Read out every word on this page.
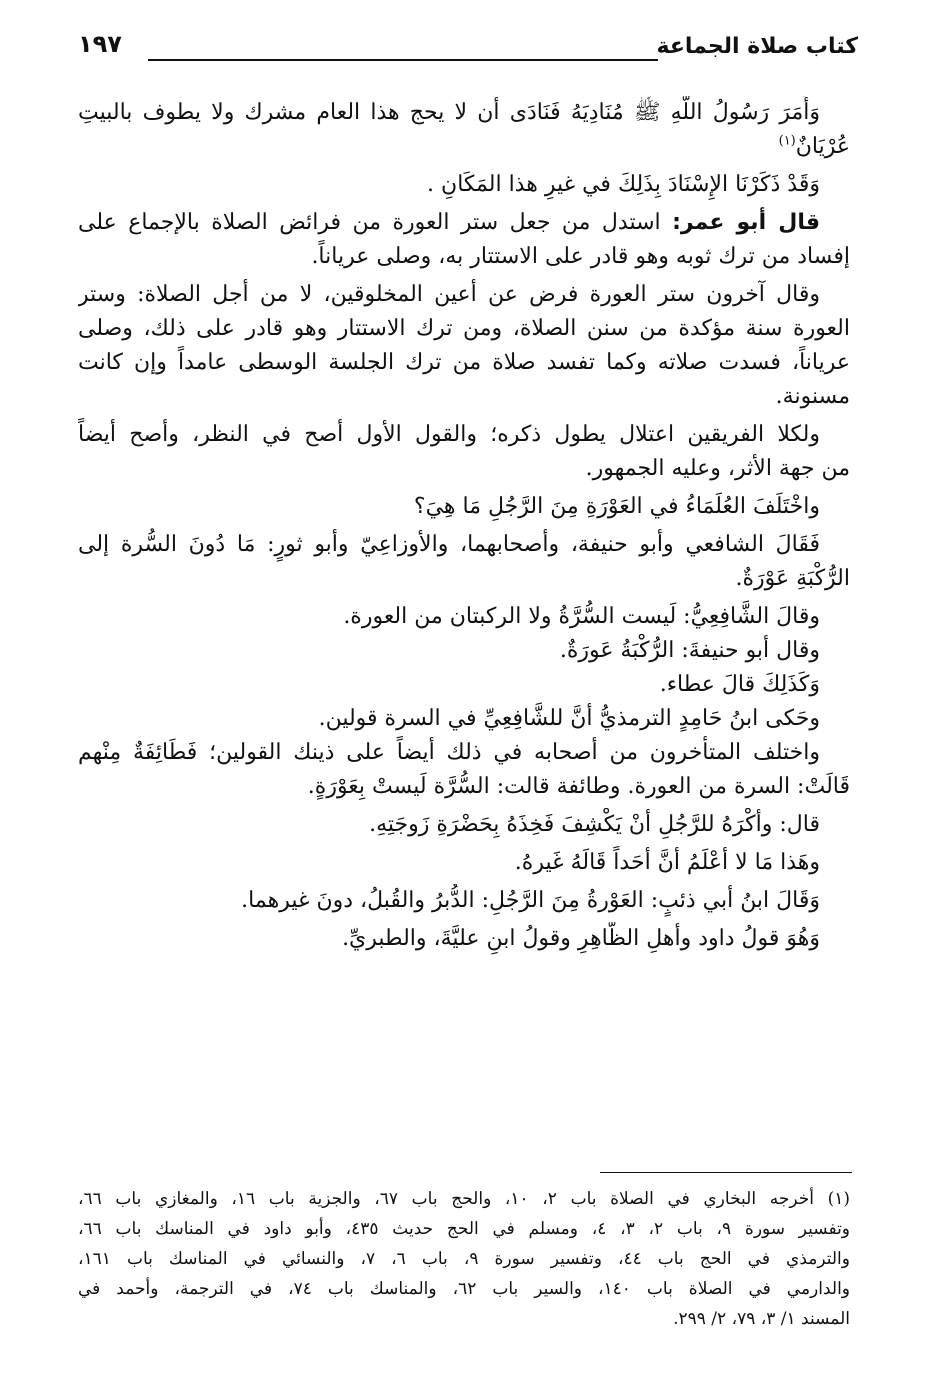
كتاب صلاة الجماعة
١٩٧
وَأَمَرَ رَسُولُ اللَّهِ ﷺ مُنَادِيَهُ فَنَادَى أن لا يحج هذا العام مشرك ولا يطوف بالبيتِ
عُرْيَانٌ$^{(١)}$
وَقَدْ ذَكَرْنَا الإِسْنَادَ بِذَلِكَ في غيرِ هذا المَكَانِ .
قال أبو عمر: استدل من جعل ستر العورة من فرائض الصلاة بالإجماع على
إفساد من ترك ثوبه وهو قادر على الاستتار به، وصلى عرياناً.
وقال آخرون ستر العورة فرض عن أعين المخلوقين، لا من أجل الصلاة: وستر
العورة سنة مؤكدة من سنن الصلاة، ومن ترك الاستتار وهو قادر على ذلك، وصلى
عرياناً، فسدت صلاته وكما تفسد صلاة من ترك الجلسة الوسطى عامداً وإن كانت
مسنونة.
ولكلا الفريقين اعتلال يطول ذكره؛ والقول الأول أصح في النظر، وأصح أيضاً
من جهة الأثر، وعليه الجمهور.
واخْتَلَفَ العُلَمَاءُ في العَوْرَةِ مِنَ الرَّجُلِ مَا هِيَ؟
فَقَالَ الشافعي وأبو حنيفة، وأصحابهما، والأوزاعِيّ وأبو ثورٍ: مَا دُونَ السُّرة إلى
الرُّكْبَةِ عَوْرَةٌ.
وقالَ الشَّافِعِيُّ: لَيست السُّرَّةُ ولا الركبتان من العورة.
وقال أبو حنيفةَ: الرُّكْبَةُ عَورَةٌ.
وَكَذَلِكَ قالَ عطاء.
وحَكى ابنُ حَامِدٍ الترمذيُّ أنَّ للشَّافِعِيِّ في السرة قولين.
واختلف المتأخرون من أصحابه في ذلك أيضاً على ذينك القولين؛ فَطَائِفَةٌ مِنْهم
قَالَتْ: السرة من العورة. وطائفة قالت: السُّرَّة لَيستْ بِعَوْرَةٍ.
قال: وأكْرَهُ للرَّجُلِ أنْ يَكْشِفَ فَخِذَهُ بِحَضْرَةِ زَوجَتِهِ.
وهَذا مَا لا أعْلَمُ أنَّ أحَداً قَالَهُ غَيرهُ.
وَقَالَ ابنُ أبي ذئبٍ: العَوْرةُ مِنَ الرَّجُلِ: الدُّبرُ والقُبلُ، دونَ غيرهما.
وَهُوَ قولُ داود وأهلِ الظَّاهِرِ وقولُ ابنِ عليَّةَ، والطبريِّ.
(١) أخرجه البخاري في الصلاة باب ٢، ١٠، والحج باب ٦٧، والجزية باب ١٦، والمغازي باب ٦٦،
وتفسير سورة ٩، باب ٢، ٣، ٤، ومسلم في الحج حديث ٤٣٥، وأبو داود في المناسك باب ٦٦،
والترمذي في الحج باب ٤٤، وتفسير سورة ٩، باب ٦، ٧، والنسائي في المناسك باب ١٦١،
والدارمي في الصلاة باب ١٤٠، والسير باب ٦٢، والمناسك باب ٧٤، في الترجمة، وأحمد في
المسند ١/ ٣، ٧٩، ٢/ ٢٩٩.
